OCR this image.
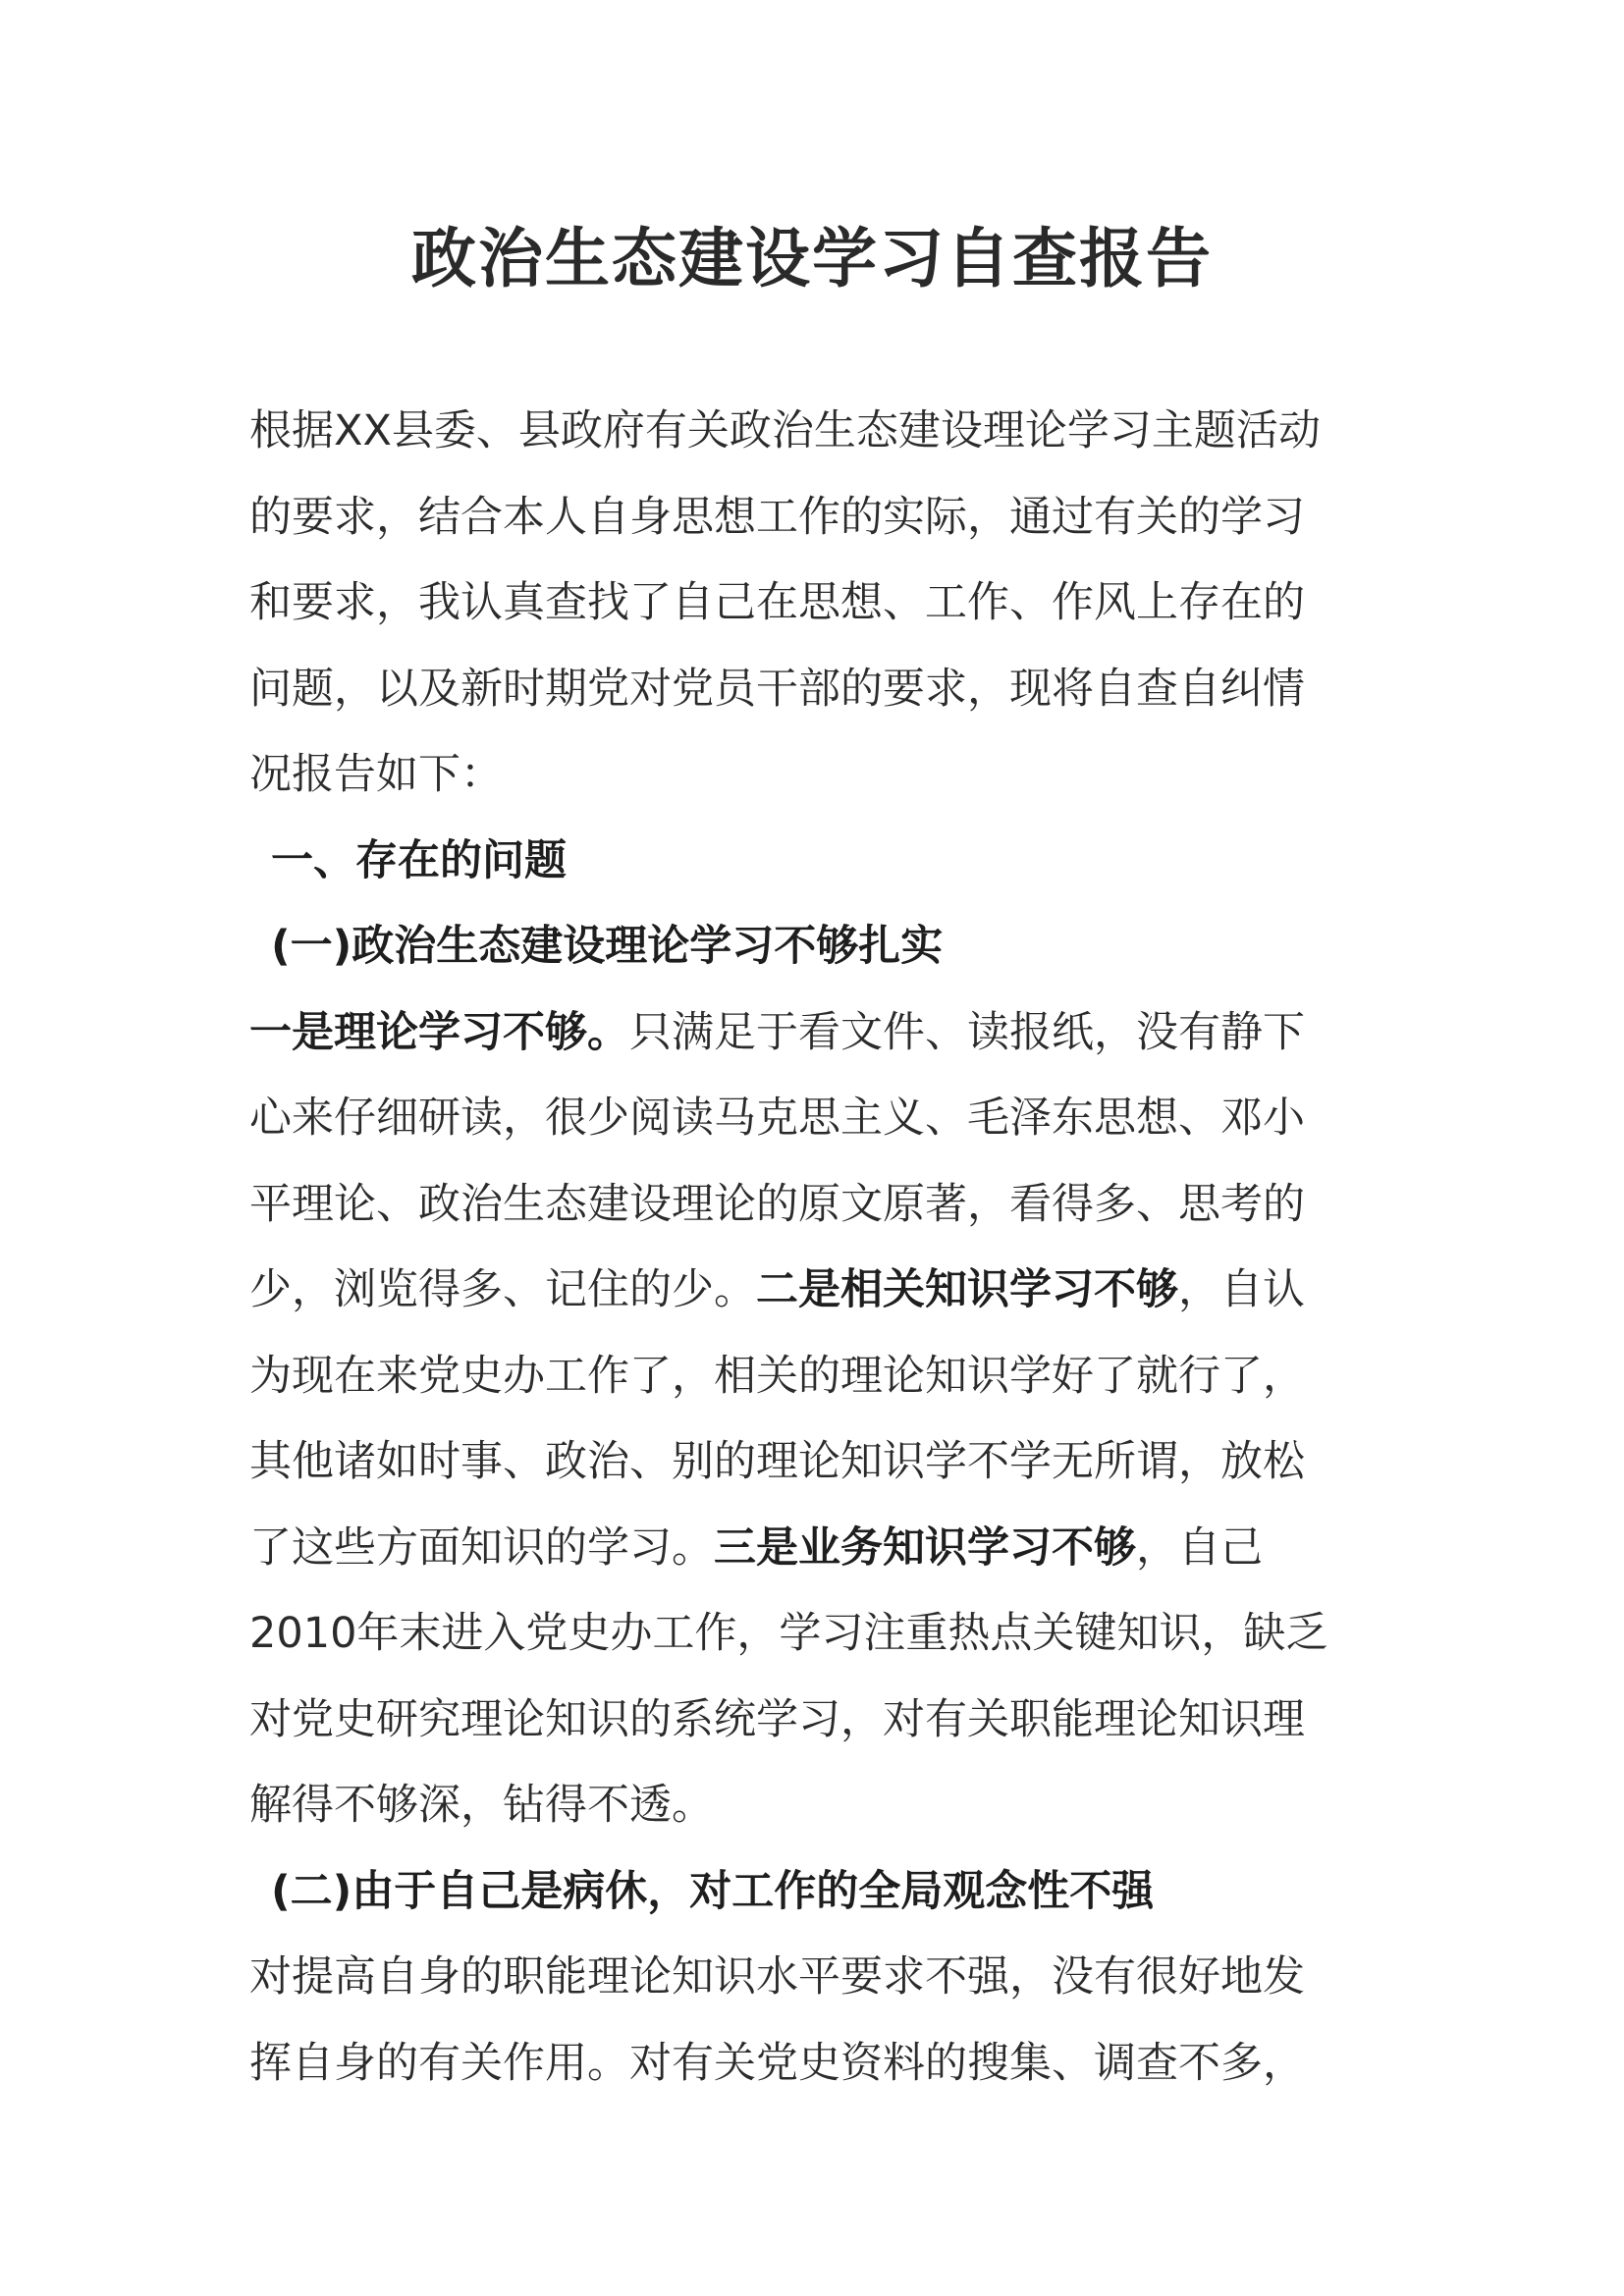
政治生态建设学习自查报告
根据XX县委、县政府有关政治生态建设理论学习主题活动
的要求，结合本人自身思想工作的实际，通过有关的学习
和要求，我认真查找了自己在思想、工作、作风上存在的
问题，以及新时期党对党员干部的要求，现将自查自纠情
况报告如下：
一、存在的问题
(一)政治生态建设理论学习不够扎实
一是理论学习不够。只满足于看文件、读报纸，没有静下
心来仔细研读，很少阅读马克思主义、毛泽东思想、邓小
平理论、政治生态建设理论的原文原著，看得多、思考的
少，浏览得多、记住的少。二是相关知识学习不够，自认
为现在来党史办工作了，相关的理论知识学好了就行了，
其他诸如时事、政治、别的理论知识学不学无所谓，放松
了这些方面知识的学习。三是业务知识学习不够，自己
2010年末进入党史办工作，学习注重热点关键知识，缺乏
对党史研究理论知识的系统学习，对有关职能理论知识理
解得不够深，钻得不透。
(二)由于自己是病休，对工作的全局观念性不强
对提高自身的职能理论知识水平要求不强，没有很好地发
挥自身的有关作用。对有关党史资料的搜集、调查不多，
